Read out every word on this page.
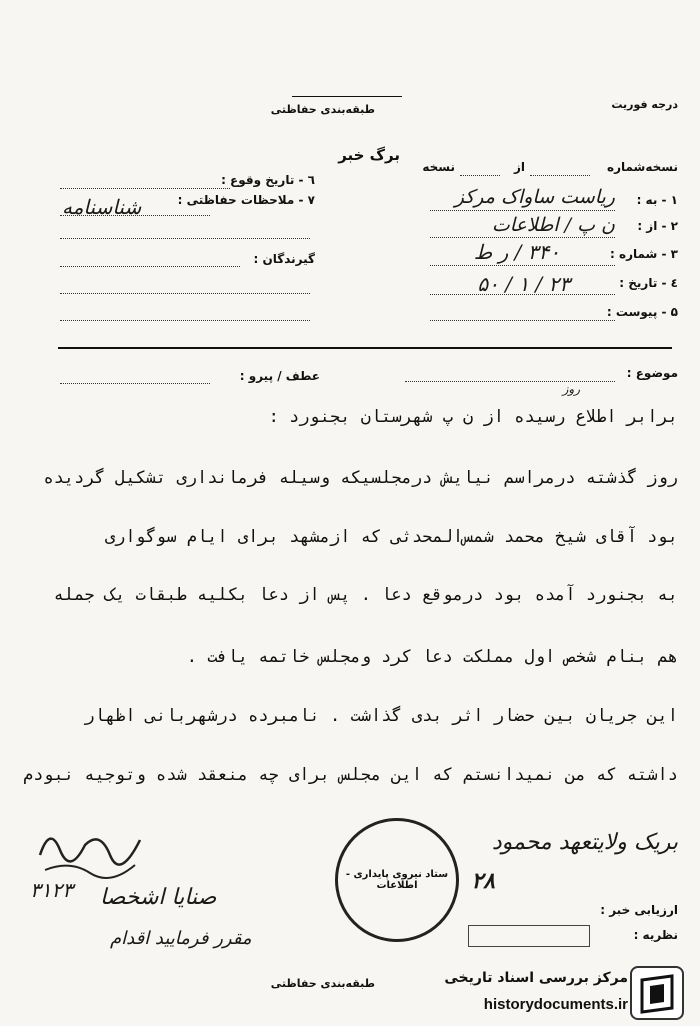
درجه فوریت
طبقه‌بندی حفاظتی
برگ خبر
نسخه‌شماره
از
نسخه
۱ - به :
ریاست ساواک مرکز
۲ - از :
ن پ / اطلاعات
۳ - شماره :
۳۴۰ / ر ط
٤ - تاریخ :
۵۰ / ۱ / ۲۳
۵ - پیوست :
٦ - تاریخ وقوع :
۷ - ملاحظات حفاظتی :
شناسنامه
گیرندگان :
موضوع :
عطف / پیرو :
روز
برابر اطلاع رسیده از ن پ شهرستان بجنورد :
روز گذشته درمراسم نیایش درمجلسیکه وسیله فرمانداری تشکیل گردیده
بود آقای شیخ محمد شمس‌المحدثی که ازمشهد برای ایام سوگواری
به بجنورد آمده بود درموقع دعا . پس از دعا بکلیه طبقات یک جمله
هم بنام شخص اول مملکت دعا کرد ومجلس خاتمه یافت .
این جریان بین حضار اثر بدی گذاشت . نامبرده درشهربانی اظهار
داشته که من نمیدانستم که این مجلس برای چه منعقد شده وتوجیه نبودم
بریک ولایتعهد محمود
۲۸
۳۱۲۳ صنایا اشخصا
مقرر فرمایید اقدام
ستاد نیروی پایداری - اطلاعات
ارزیابی خبر :
نظریه :
طبقه‌بندی حفاظتی	مرکز بررسی اسناد تاریخی
historydocuments.ir
